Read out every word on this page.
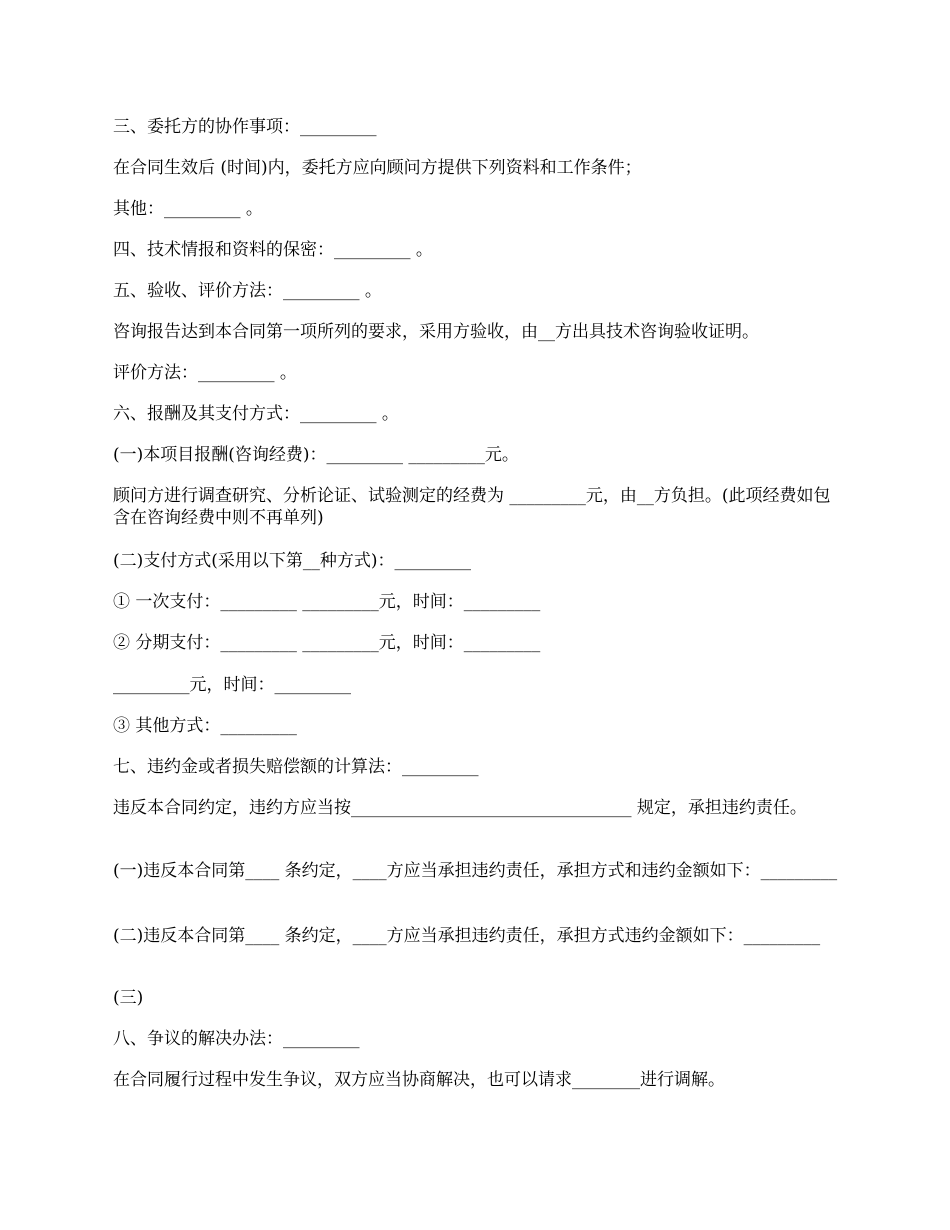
三、委托方的协作事项：_________

在合同生效后 (时间)内，委托方应向顾问方提供下列资料和工作条件；

其他：_________ 。

四、技术情报和资料的保密：_________ 。

五、验收、评价方法：_________ 。

咨询报告达到本合同第一项所列的要求，采用方验收，由__方出具技术咨询验收证明。

评价方法：_________ 。

六、报酬及其支付方式：_________ 。

(一)本项目报酬(咨询经费)：_________ _________元。

顾问方进行调查研究、分析论证、试验测定的经费为 _________元，由__方负担。(此项经费如包含在咨询经费中则不再单列)

(二)支付方式(采用以下第__种方式)：_________

① 一次支付：_________ _________元，时间：_________

② 分期支付：_________ _________元，时间：_________

_________元，时间：_________

③ 其他方式：_________

七、违约金或者损失赔偿额的计算法：_________

违反本合同约定，违约方应当按_________________________________ 规定，承担违约责任。

(一)违反本合同第____ 条约定，____方应当承担违约责任，承担方式和违约金额如下：_________

(二)违反本合同第____ 条约定，____方应当承担违约责任，承担方式违约金额如下：_________

(三)

八、争议的解决办法：_________

在合同履行过程中发生争议，双方应当协商解决，也可以请求________进行调解。
